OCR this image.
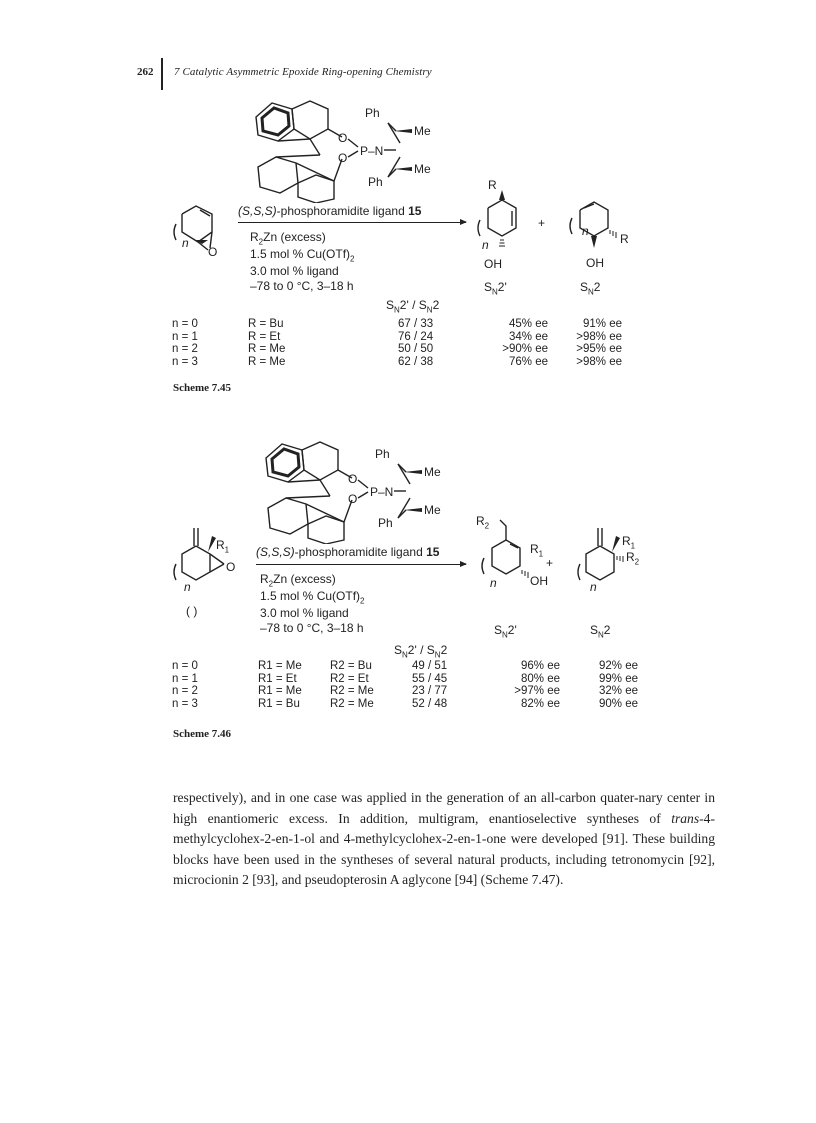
262 7 Catalytic Asymmetric Epoxide Ring-opening Chemistry
Ph
Me
O
P–N
O
Me
Ph
n
O
(S,S,S)-phosphoramidite ligand 15
$R_2Zn$ (excess)
1.5 mol % $Cu(OTf)_2$
3.0 mol % ligand
–78 to 0 °C, 3–18 h
R
n
OH
+
n
R
OH
$S_N2'$	$S_N2$
$S_N2' / S_N2$
n = 0	R = Bu	67 / 33	45% ee	91% ee
n = 1	R = Et	76 / 24	34% ee	>98% ee
n = 2	R = Me	50 / 50	>90% ee	>95% ee
n = 3	R = Me	62 / 38	76% ee	>98% ee
Scheme 7.45
Ph
Me
O
P–N
O
Me
Ph
$R_1$
O
n
( )
(S,S,S)-phosphoramidite ligand 15
$R_2Zn$ (excess)
1.5 mol % $Cu(OTf)_2$
3.0 mol % ligand
–78 to 0 °C, 3–18 h
$R_2$
$R_1$
n	OH
+
$R_1$
$R_2$
n
$S_N2'$	$S_N2$
$S_N2' / S_N2$
n = 0	R1 = Me	R2 = Bu	49 / 51	96% ee	92% ee
n = 1	R1 = Et	R2 = Et	55 / 45	80% ee	99% ee
n = 2	R1 = Me	R2 = Me	23 / 77	>97% ee	32% ee
n = 3	R1 = Bu	R2 = Me	52 / 48	82% ee	90% ee
Scheme 7.46

respectively), and in one case was applied in the generation of an all-carbon quater-nary center in high enantiomeric excess. In addition, multigram, enantioselective syntheses of trans-4-methylcyclohex-2-en-1-ol and 4-methylcyclohex-2-en-1-one were developed [91]. These building blocks have been used in the syntheses of several natural products, including tetronomycin [92], microcionin 2 [93], and pseudopterosin A aglycone [94] (Scheme 7.47).
